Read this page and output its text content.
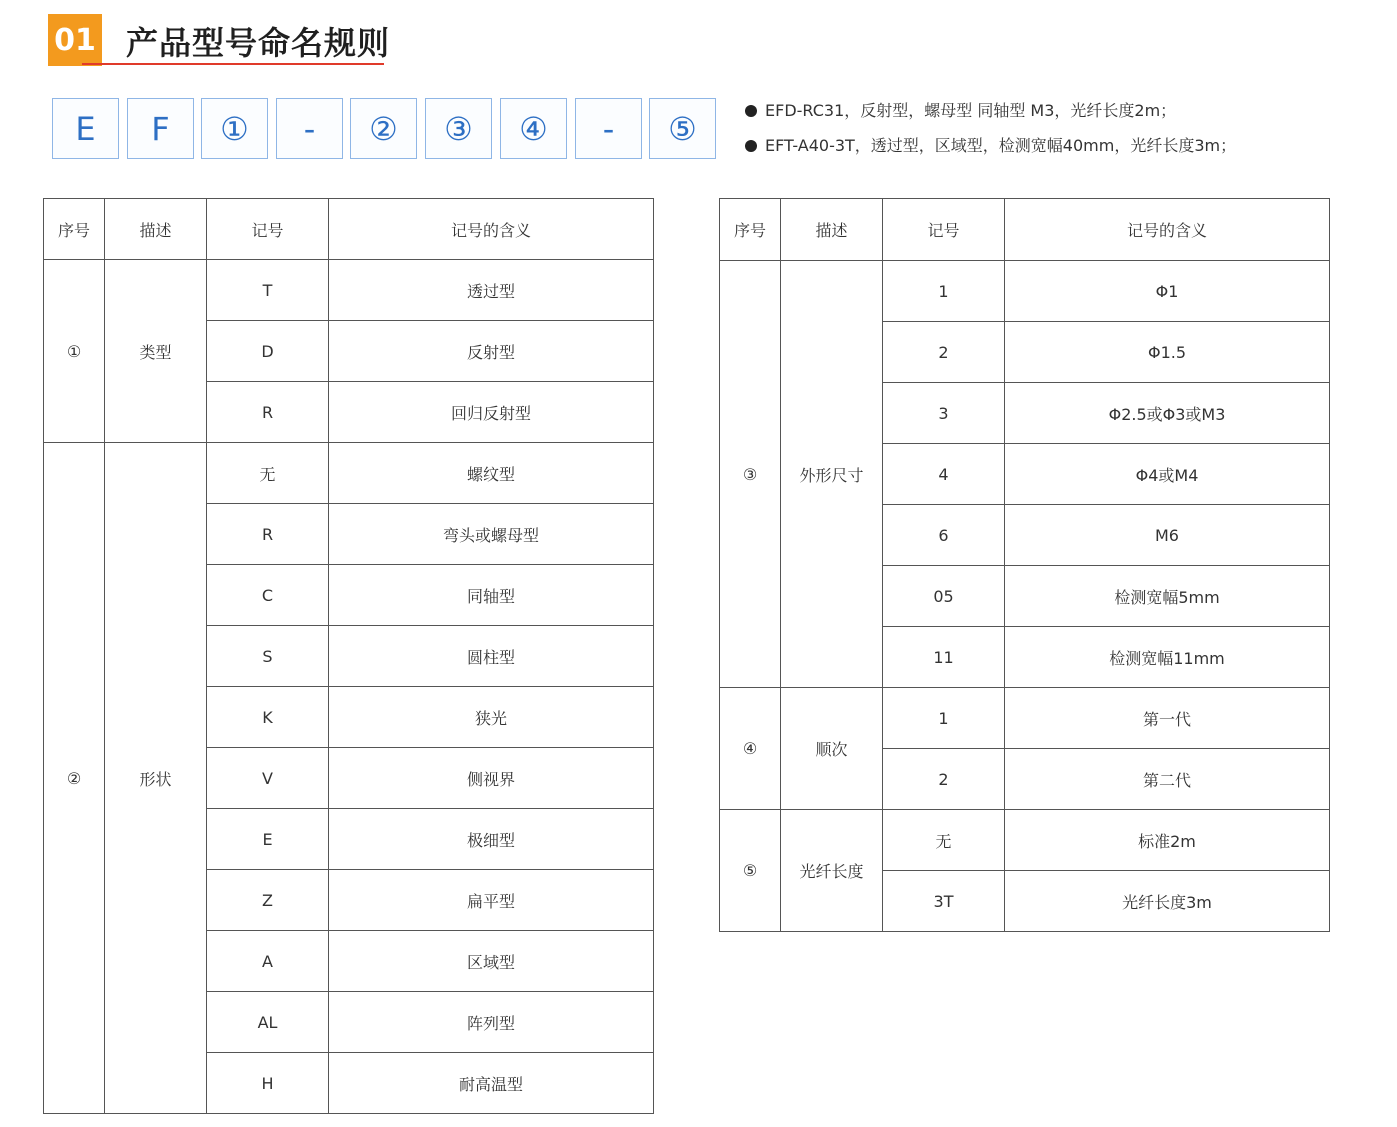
01 产品型号命名规则
E	F	①	-	②	③	④	-	⑤	EFD-RC31，反射型，螺母型 同轴型 M3，光纤长度2m；
EFT-A40-3T，透过型，区域型，检测宽幅40mm，光纤长度3m；
序号	描述	记号	记号的含义
①	类型	T	透过型
		D	反射型
		R	回归反射型
②	形状	无	螺纹型
		R	弯头或螺母型
		C	同轴型
		S	圆柱型
		K	狭光
		V	侧视界
		E	极细型
		Z	扁平型
		A	区域型
		AL	阵列型
		H	耐高温型
序号	描述	记号	记号的含义
③	外形尺寸	1	Φ1
		2	Φ1.5
		3	Φ2.5或Φ3或M3
		4	Φ4或M4
		6	M6
		05	检测宽幅5mm
		11	检测宽幅11mm
④	顺次	1	第一代
		2	第二代
⑤	光纤长度	无	标准2m
		3T	光纤长度3m
